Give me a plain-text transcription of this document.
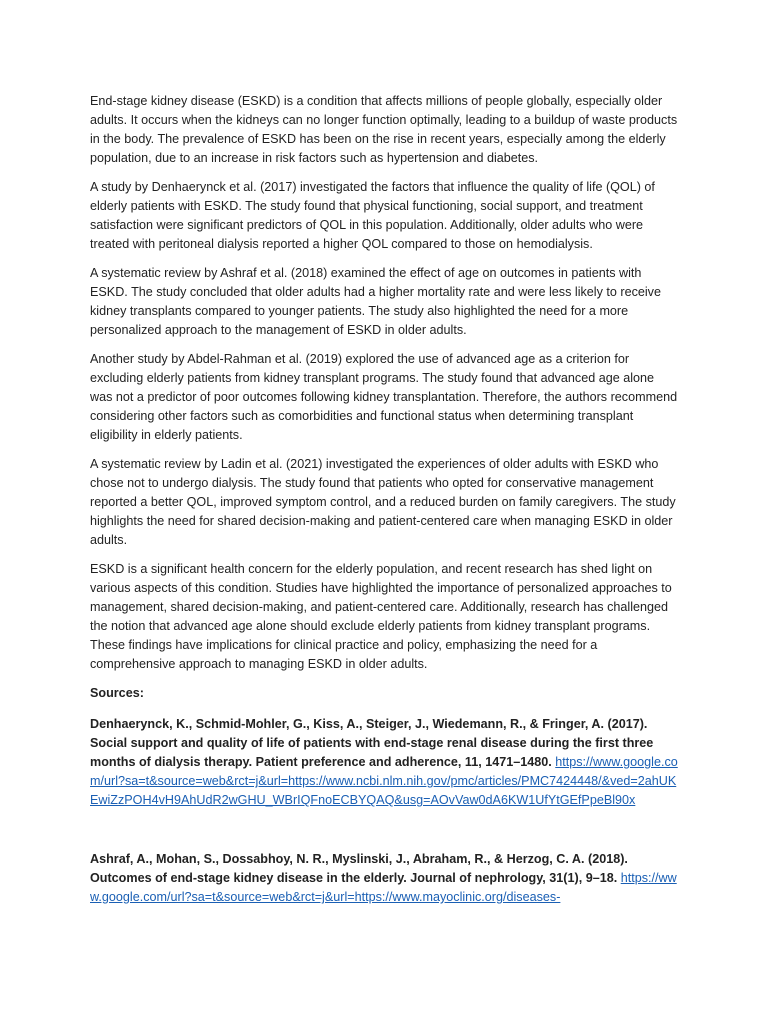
End-stage kidney disease (ESKD) is a condition that affects millions of people globally, especially older adults. It occurs when the kidneys can no longer function optimally, leading to a buildup of waste products in the body. The prevalence of ESKD has been on the rise in recent years, especially among the elderly population, due to an increase in risk factors such as hypertension and diabetes.

A study by Denhaerynck et al. (2017) investigated the factors that influence the quality of life (QOL) of elderly patients with ESKD. The study found that physical functioning, social support, and treatment satisfaction were significant predictors of QOL in this population. Additionally, older adults who were treated with peritoneal dialysis reported a higher QOL compared to those on hemodialysis.

A systematic review by Ashraf et al. (2018) examined the effect of age on outcomes in patients with ESKD. The study concluded that older adults had a higher mortality rate and were less likely to receive kidney transplants compared to younger patients. The study also highlighted the need for a more personalized approach to the management of ESKD in older adults.

Another study by Abdel-Rahman et al. (2019) explored the use of advanced age as a criterion for excluding elderly patients from kidney transplant programs. The study found that advanced age alone was not a predictor of poor outcomes following kidney transplantation. Therefore, the authors recommend considering other factors such as comorbidities and functional status when determining transplant eligibility in elderly patients.

A systematic review by Ladin et al. (2021) investigated the experiences of older adults with ESKD who chose not to undergo dialysis. The study found that patients who opted for conservative management reported a better QOL, improved symptom control, and a reduced burden on family caregivers. The study highlights the need for shared decision-making and patient-centered care when managing ESKD in older adults.

ESKD is a significant health concern for the elderly population, and recent research has shed light on various aspects of this condition. Studies have highlighted the importance of personalized approaches to management, shared decision-making, and patient-centered care. Additionally, research has challenged the notion that advanced age alone should exclude elderly patients from kidney transplant programs. These findings have implications for clinical practice and policy, emphasizing the need for a comprehensive approach to managing ESKD in older adults.

Sources:

Denhaerynck, K., Schmid-Mohler, G., Kiss, A., Steiger, J., Wiedemann, R., & Fringer, A. (2017). Social support and quality of life of patients with end-stage renal disease during the first three months of dialysis therapy. Patient preference and adherence, 11, 1471–1480. https://www.google.com/url?sa=t&source=web&rct=j&url=https://www.ncbi.nlm.nih.gov/pmc/articles/PMC7424448/&ved=2ahUKEwiZzPOH4vH9AhUdR2wGHU_WBrIQFnoECBYQAQ&usg=AOvVaw0dA6KW1UfYtGEfPpeBl90x

Ashraf, A., Mohan, S., Dossabhoy, N. R., Myslinski, J., Abraham, R., & Herzog, C. A. (2018). Outcomes of end-stage kidney disease in the elderly. Journal of nephrology, 31(1), 9–18. https://www.google.com/url?sa=t&source=web&rct=j&url=https://www.mayoclinic.org/diseases-
